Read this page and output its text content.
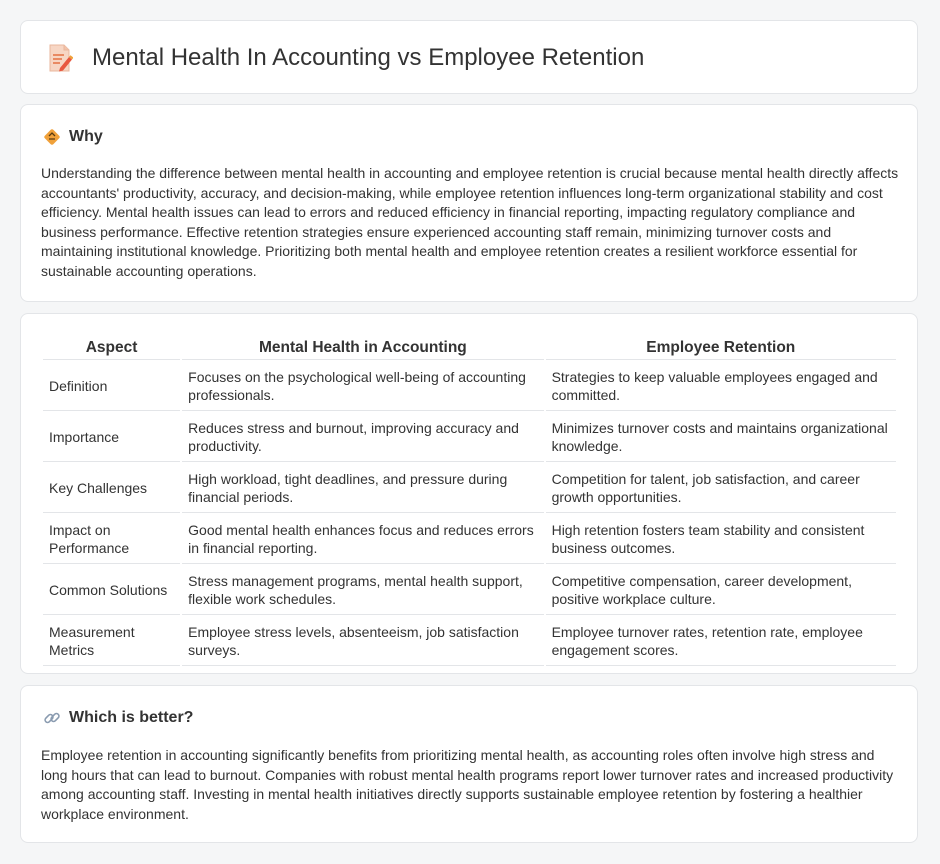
Mental Health In Accounting vs Employee Retention
Why

Understanding the difference between mental health in accounting and employee retention is crucial because mental health directly affects accountants' productivity, accuracy, and decision-making, while employee retention influences long-term organizational stability and cost efficiency. Mental health issues can lead to errors and reduced efficiency in financial reporting, impacting regulatory compliance and business performance. Effective retention strategies ensure experienced accounting staff remain, minimizing turnover costs and maintaining institutional knowledge. Prioritizing both mental health and employee retention creates a resilient workforce essential for sustainable accounting operations.

Aspect	Mental Health in Accounting	Employee Retention
Definition	Focuses on the psychological well-being of accounting professionals.	Strategies to keep valuable employees engaged and committed.
Importance	Reduces stress and burnout, improving accuracy and productivity.	Minimizes turnover costs and maintains organizational knowledge.
Key Challenges	High workload, tight deadlines, and pressure during financial periods.	Competition for talent, job satisfaction, and career growth opportunities.
Impact on Performance	Good mental health enhances focus and reduces errors in financial reporting.	High retention fosters team stability and consistent business outcomes.
Common Solutions	Stress management programs, mental health support, flexible work schedules.	Competitive compensation, career development, positive workplace culture.
Measurement Metrics	Employee stress levels, absenteeism, job satisfaction surveys.	Employee turnover rates, retention rate, employee engagement scores.
Which is better?

Employee retention in accounting significantly benefits from prioritizing mental health, as accounting roles often involve high stress and long hours that can lead to burnout. Companies with robust mental health programs report lower turnover rates and increased productivity among accounting staff. Investing in mental health initiatives directly supports sustainable employee retention by fostering a healthier workplace environment.
